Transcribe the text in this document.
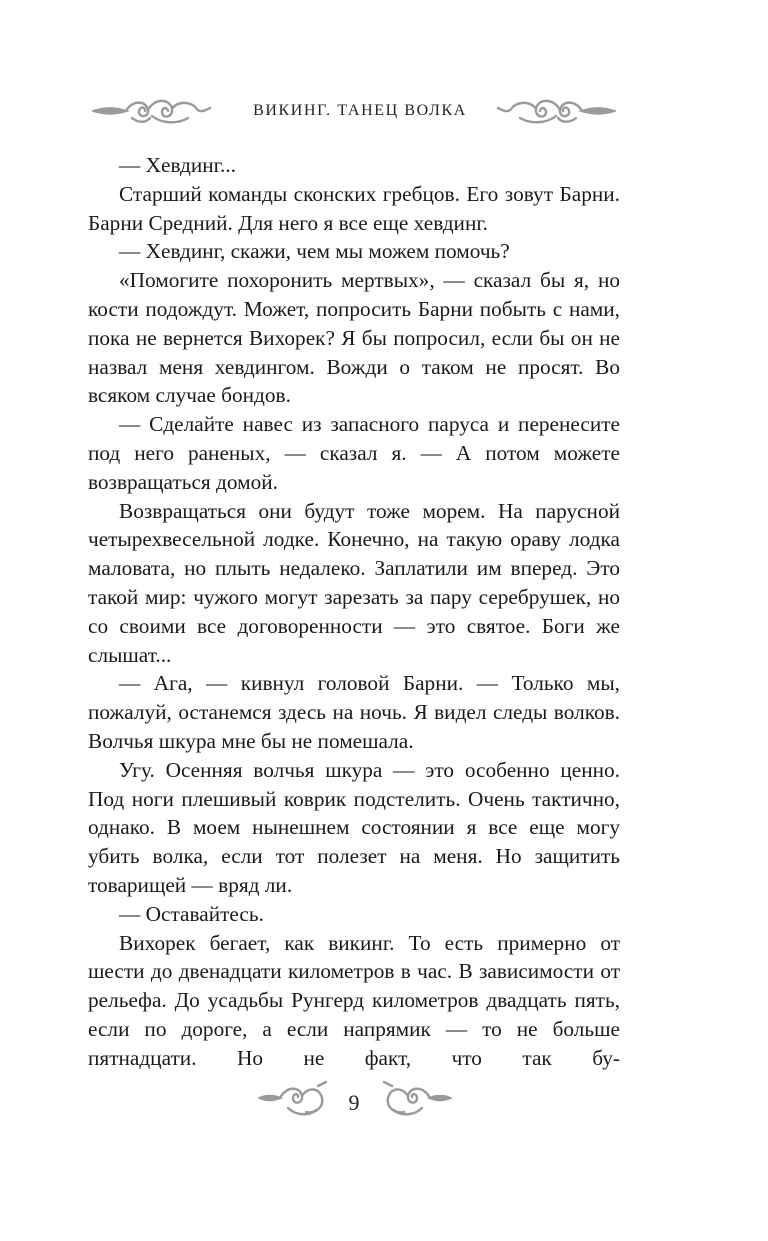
ВИКИНГ. ТАНЕЦ ВОЛКА

— Хевдинг...

Старший команды сконских гребцов. Его зовут Барни. Барни Средний. Для него я все еще хевдинг.

— Хевдинг, скажи, чем мы можем помочь?

«Помогите похоронить мертвых», — сказал бы я, но кости подождут. Может, попросить Барни побыть с нами, пока не вернется Вихорек? Я бы попросил, если бы он не назвал меня хевдингом. Вожди о таком не просят. Во всяком случае бондов.

— Сделайте навес из запасного паруса и перенесите под него раненых, — сказал я. — А потом можете возвращаться домой.

Возвращаться они будут тоже морем. На парусной четырехвесельной лодке. Конечно, на такую ораву лодка маловата, но плыть недалеко. Заплатили им вперед. Это такой мир: чужого могут зарезать за пару серебрушек, но со своими все договоренности — это святое. Боги же слышат...

— Ага, — кивнул головой Барни. — Только мы, пожалуй, останемся здесь на ночь. Я видел следы волков. Волчья шкура мне бы не помешала.

Угу. Осенняя волчья шкура — это особенно ценно. Под ноги плешивый коврик подстелить. Очень тактично, однако. В моем нынешнем состоянии я все еще могу убить волка, если тот полезет на меня. Но защитить товарищей — вряд ли.

— Оставайтесь.

Вихорек бегает, как викинг. То есть примерно от шести до двенадцати километров в час. В зависимости от рельефа. До усадьбы Рунгерд километров двадцать пять, если по дороге, а если напрямик — то не больше пятнадцати. Но не факт, что так бу-

9
